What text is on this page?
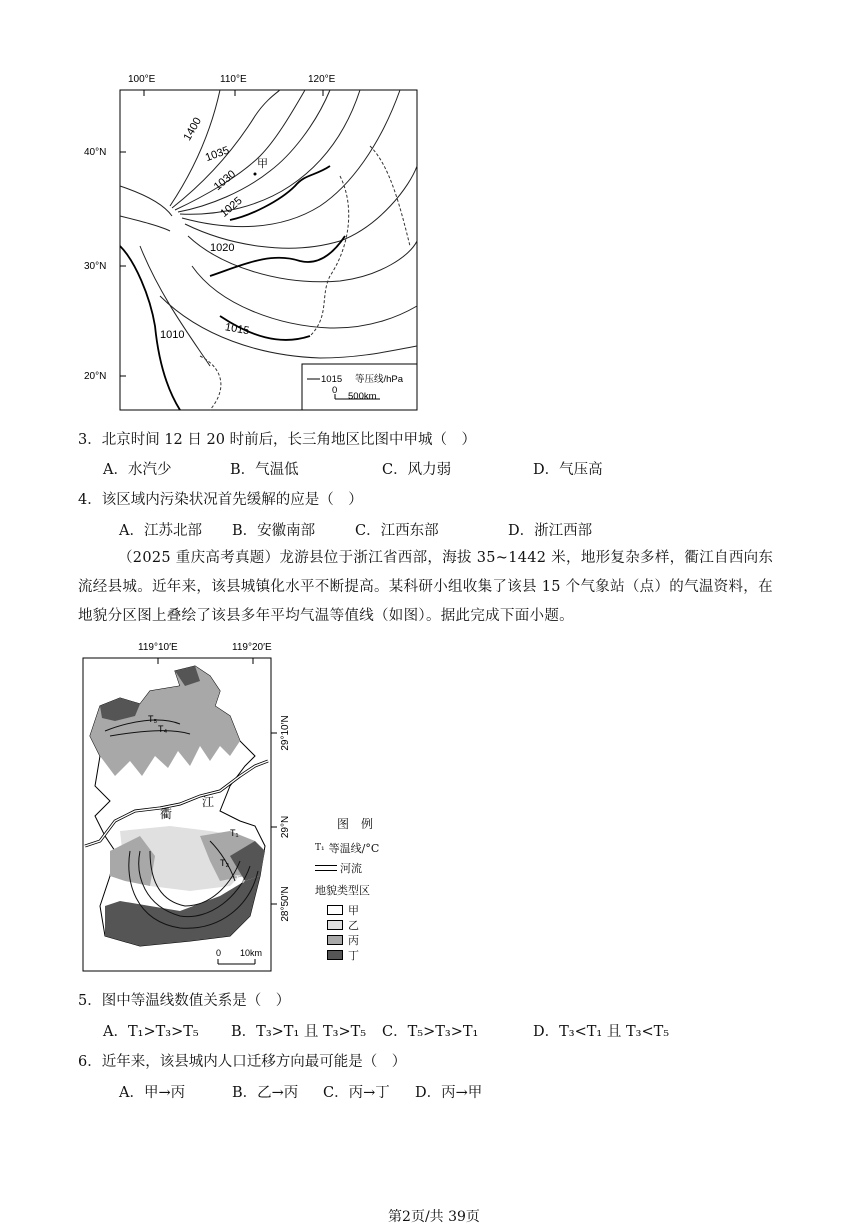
100°E	110°E	120°E
40°N
30°N
20°N
1400
1035
1030
1025
1020
1015
1010
甲
1015 等压线/hPa
0
500km
3．北京时间 12 日 20 时前后，长三角地区比图中甲城（　）
A．水汽少	B．气温低	C．风力弱	D．气压高
4．该区域内污染状况首先缓解的应是（　）
A．江苏北部 B．安徽南部	C．江西东部	D．浙江西部
（2025 重庆高考真题）龙游县位于浙江省西部，海拔 35~1442 米，地形复杂多样，衢江自西向东流经县城。近年来，该县城镇化水平不断提高。某科研小组收集了该县 15 个气象站（点）的气温资料，在地貌分区图上叠绘了该县多年平均气温等值线（如图）。据此完成下面小题。
119°10′E	119°20′E
29°10′N
29°N
28°50′N
T₅
T₄
T₁
T₂
T₃
衢
江
0 10km
图　例
T₁ 等温线/°C
河流
地貌类型区
甲
乙
丙
丁
5．图中等温线数值关系是（　）
A．T₁>T₃>T₅ B．T₃>T₁ 且 T₃>T₅ C．T₅>T₃>T₁	D．T₃<T₁ 且 T₃<T₅
6．近年来，该县城内人口迁移方向最可能是（　）
A．甲→丙	B．乙→丙 C．丙→丁 D．丙→甲
第2页/共 39页
